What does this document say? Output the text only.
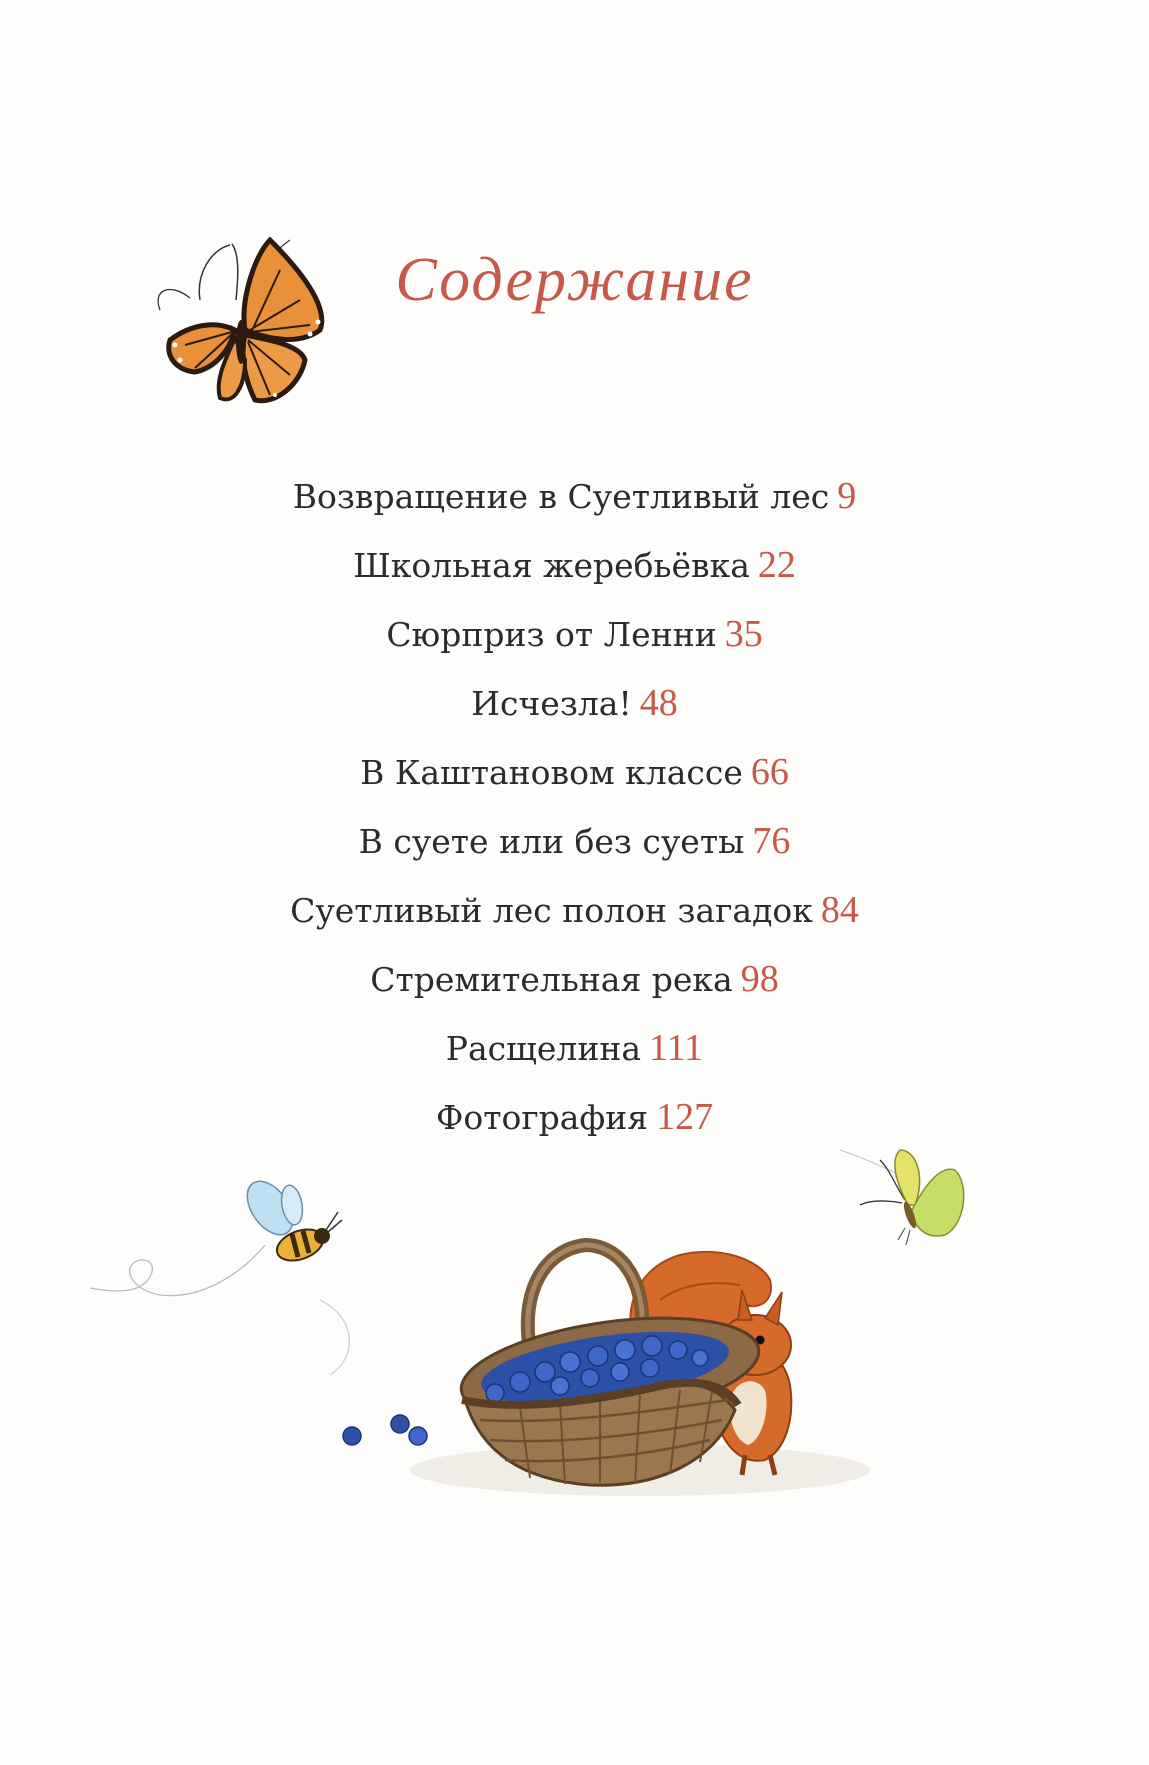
Содержание
Возвращение в Суетливый лес 9
Школьная жеребьёвка 22
Сюрприз от Ленни 35
Исчезла! 48
В Каштановом классе 66
В суете или без суеты 76
Суетливый лес полон загадок 84
Стремительная река 98
Расщелина 111
Фотография 127
